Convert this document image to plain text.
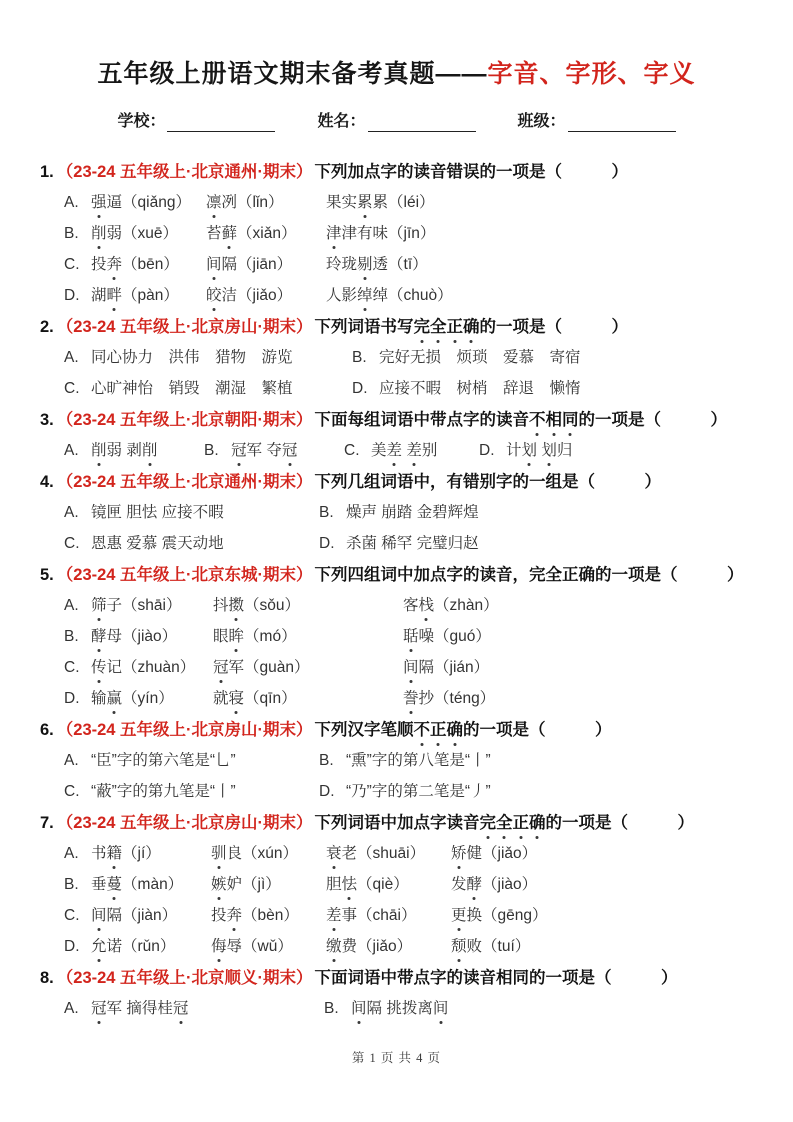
五年级上册语文期末备考真题——字音、字形、字义
学校：	姓名：	班级：
1. （23-24 五年级上·北京通州·期末） 下列加点字的读音错误的一项是（　　　）
A. 强逼（qiǎng） 凛冽（lǐn）	果实累累（léi）
B. 削弱（xuē）	苔藓（xiǎn）	津津有味（jīn）
C. 投奔（bēn）	间隔（jiān）	玲珑剔透（tī）
D. 湖畔（pàn）	皎洁（jiǎo）	人影绰绰（chuò）
2. （23-24 五年级上·北京房山·期末） 下列词语书写完全正确的一项是（　　　）
A. 同心协力　洪伟　猎物　游览	B. 完好无损　烦琐　爱慕　寄宿
C. 心旷神怡　销毁　潮湿　繁植	D. 应接不暇　树梢　辞退　懒惰
3. （23-24 五年级上·北京朝阳·期末） 下面每组词语中带点字的读音不相同的一项是（　　　）
A. 削弱 剥削	B. 冠军 夺冠	C. 美差 差别	D. 计划 划归
4. （23-24 五年级上·北京通州·期末） 下列几组词语中，有错别字的一组是（　　　）
A. 镜匣 胆怯 应接不暇	B. 燥声 崩踏 金碧辉煌
C. 恩惠 爱慕 震天动地	D. 杀菌 稀罕 完璧归赵
5. （23-24 五年级上·北京东城·期末） 下列四组词中加点字的读音，完全正确的一项是（　　　）
A. 筛子（shāi）	抖擞（sǒu）	客栈（zhàn）
B. 酵母（jiào）	眼眸（mó）	聒噪（guó）
C. 传记（zhuàn）	冠军（guàn）	间隔（jián）
D. 输赢（yín）	就寝（qīn）	誊抄（téng）
6. （23-24 五年级上·北京房山·期末） 下列汉字笔顺不正确的一项是（　　　）
A. “臣”字的第六笔是“乚”	B. “熏”字的第八笔是“丨”
C. “蔽”字的第九笔是“丨”	D. “乃”字的第二笔是“丿”
7. （23-24 五年级上·北京房山·期末） 下列词语中加点字读音完全正确的一项是（　　　）
A. 书籍（jí）	驯良（xún）	衰老（shuāi）	矫健（jiǎo）
B. 垂蔓（màn）	嫉妒（jì）	胆怯（qiè）	发酵（jiào）
C. 间隔（jiàn）	投奔（bèn）	差事（chāi）	更换（gēng）
D. 允诺（rǔn）	侮辱（wǔ）	缴费（jiǎo）	颓败（tuí）
8. （23-24 五年级上·北京顺义·期末） 下面词语中带点字的读音相同的一项是（　　　）
A. 冠军 摘得桂冠	B. 间隔 挑拨离间
第 1 页 共 4 页
